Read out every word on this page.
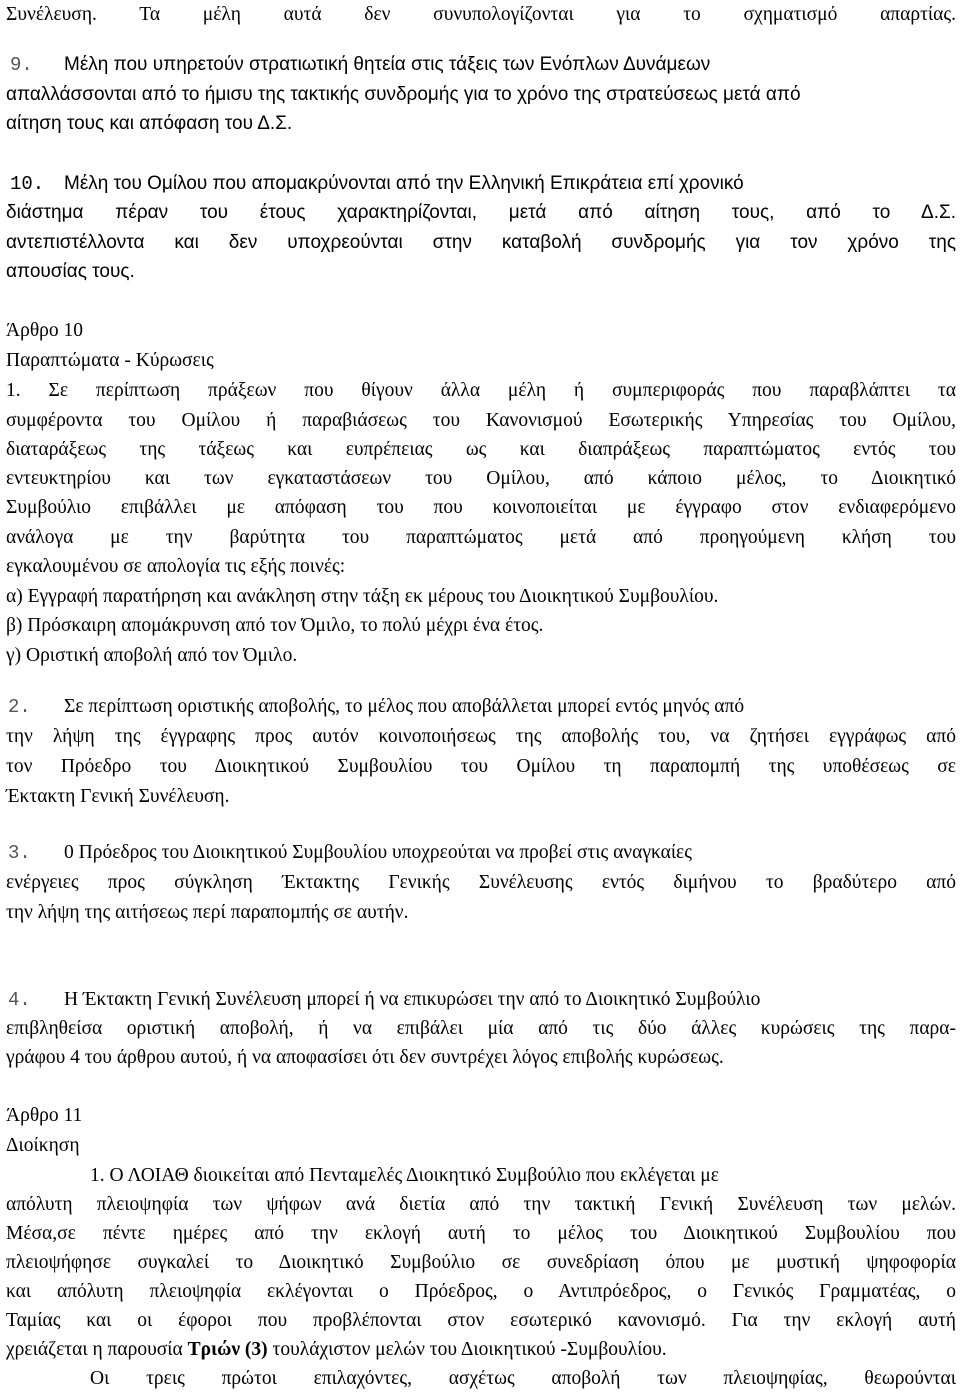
Συνέλευση. Τα μέλη αυτά δεν συνυπολογίζονται για το σχηματισμό απαρτίας.
9. Μέλη που υπηρετούν στρατιωτική θητεία στις τάξεις των Ενόπλων Δυνάμεων
απαλλάσσονται από το ήμισυ της τακτικής συνδρομής για το χρόνο της στρατεύσεως μετά από
αίτηση τους και απόφαση του Δ.Σ.
10. Μέλη του Ομίλου που απομακρύνονται από την Ελληνική Επικράτεια επί χρονικό
διάστημα πέραν του έτους χαρακτηρίζονται, μετά από αίτηση τους, από το Δ.Σ.
αντεπιστέλλοντα και δεν υποχρεούνται στην καταβολή συνδρομής για τον χρόνο της
απουσίας τους.
Άρθρο 10
Παραπτώματα - Κύρωσεις
1. Σε περίπτωση πράξεων που θίγουν άλλα μέλη ή συμπεριφοράς που παραβλάπτει τα
συμφέροντα του Ομίλου ή παραβιάσεως του Κανονισμού Εσωτερικής Υπηρεσίας του Ομίλου,
διαταράξεως της τάξεως και ευπρέπειας ως και διαπράξεως παραπτώματος εντός του
εντευκτηρίου και των εγκαταστάσεων του Ομίλου, από κάποιο μέλος, το Διοικητικό
Συμβούλιο επιβάλλει με απόφαση του που κοινοποιείται με έγγραφο στον ενδιαφερόμενο
ανάλογα με την βαρύτητα του παραπτώματος μετά από προηγούμενη κλήση του
εγκαλουμένου σε απολογία τις εξής ποινές:
α) Εγγραφή παρατήρηση και ανάκληση στην τάξη εκ μέρους του Διοικητικού Συμβουλίου.
β) Πρόσκαιρη απομάκρυνση από τον Όμιλο, το πολύ μέχρι ένα έτος.
γ) Οριστική αποβολή από τον Όμιλο.
2. Σε περίπτωση οριστικής αποβολής, το μέλος που αποβάλλεται μπορεί εντός μηνός από
την λήψη της έγγραφης προς αυτόν κοινοποιήσεως της αποβολής του, να ζητήσει εγγράφως από
τον Πρόεδρο του Διοικητικού Συμβουλίου του Ομίλου τη παραπομπή της υποθέσεως σε
Έκτακτη Γενική Συνέλευση.
3. 0 Πρόεδρος του Διοικητικού Συμβουλίου υποχρεούται να προβεί στις αναγκαίες
ενέργειες προς σύγκληση Έκτακτης Γενικής Συνέλευσης εντός διμήνου το βραδύτερο από
την λήψη της αιτήσεως περί παραπομπής σε αυτήν.
4. Η Έκτακτη Γενική Συνέλευση μπορεί ή να επικυρώσει την από το Διοικητικό Συμβούλιο
επιβληθείσα οριστική αποβολή, ή να επιβάλει μία από τις δύο άλλες κυρώσεις της παρα-
γράφου 4 του άρθρου αυτού, ή να αποφασίσει ότι δεν συντρέχει λόγος επιβολής κυρώσεως.
Άρθρο 11
Διοίκηση
1. Ο ΛΟΙΑΘ διοικείται από Πενταμελές Διοικητικό Συμβούλιο που εκλέγεται με
απόλυτη πλειοψηφία των ψήφων ανά διετία από την τακτική Γενική Συνέλευση των μελών.
Μέσα,σε πέντε ημέρες από την εκλογή αυτή το μέλος του Διοικητικού Συμβουλίου που
πλειοψήφησε συγκαλεί το Διοικητικό Συμβούλιο σε συνεδρίαση όπου με μυστική ψηφοφορία
και απόλυτη πλειοψηφία εκλέγονται ο Πρόεδρος, ο Αντιπρόεδρος, ο Γενικός Γραμματέας, ο
Ταμίας και οι έφοροι που προβλέπονται στον εσωτερικό κανονισμό. Για την εκλογή αυτή
χρειάζεται η παρουσία Τριών (3) τουλάχιστον μελών του Διοικητικού -Συμβουλίου.
Οι τρεις πρώτοι επιλαχόντες, ασχέτως αποβολή των πλειοψηφίας, θεωρούνται
